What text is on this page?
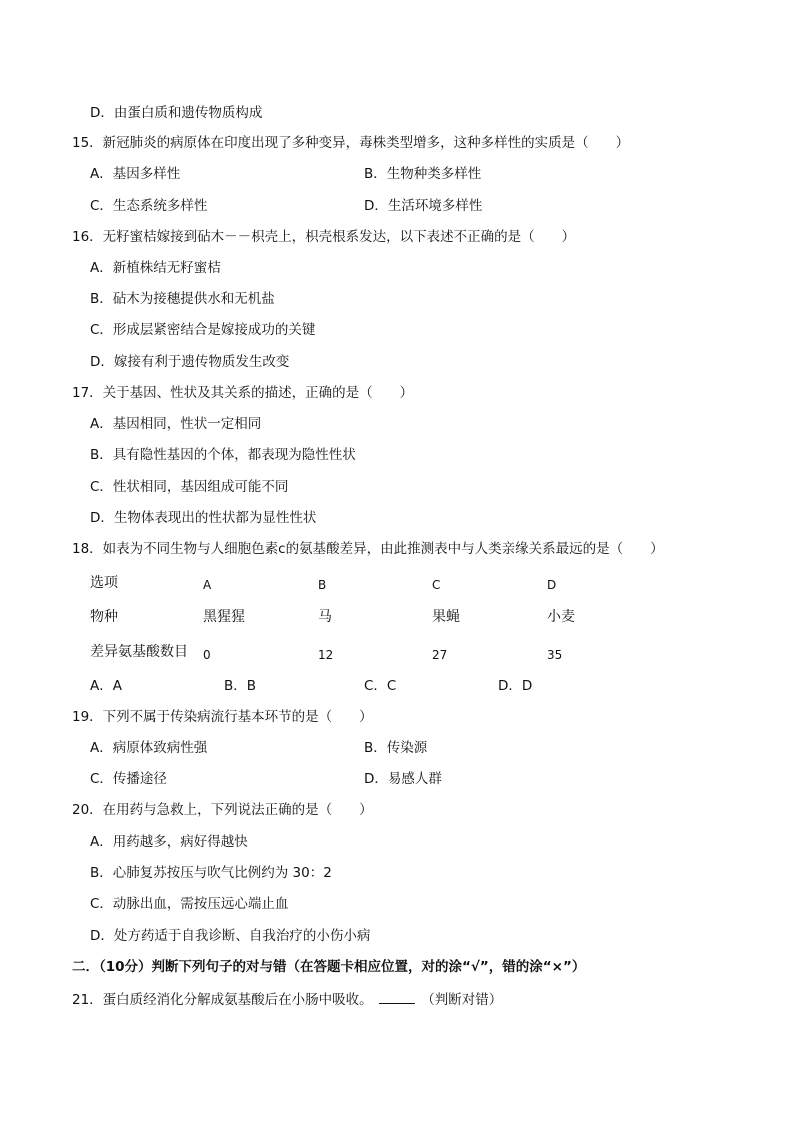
D．由蛋白质和遗传物质构成
15．新冠肺炎的病原体在印度出现了多种变异，毒株类型增多，这种多样性的实质是（　　）
A．基因多样性	B．生物种类多样性
C．生态系统多样性	D．生活环境多样性
16．无籽蜜桔嫁接到砧木－－枳壳上，枳壳根系发达，以下表述不正确的是（　　）
A．新植株结无籽蜜桔
B．砧木为接穗提供水和无机盐
C．形成层紧密结合是嫁接成功的关键
D．嫁接有利于遗传物质发生改变
17．关于基因、性状及其关系的描述，正确的是（　　）
A．基因相同，性状一定相同
B．具有隐性基因的个体，都表现为隐性性状
C．性状相同，基因组成可能不同
D．生物体表现出的性状都为显性性状
18．如表为不同生物与人细胞色素c的氨基酸差异，由此推测表中与人类亲缘关系最远的是（　　）
选项	A	B	C	D
物种	黑猩猩	马	果蝇	小麦
差异氨基酸数目 0	12	27	35
A．A	B．B	C．C	D．D
19．下列不属于传染病流行基本环节的是（　　）
A．病原体致病性强	B．传染源
C．传播途径	D．易感人群
20．在用药与急救上，下列说法正确的是（　　）
A．用药越多，病好得越快
B．心肺复苏按压与吹气比例约为 30：2
C．动脉出血，需按压远心端止血
D．处方药适于自我诊断、自我治疗的小伤小病
二．（10分）判断下列句子的对与错（在答题卡相应位置，对的涂“√”，错的涂“×”）
21．蛋白质经消化分解成氨基酸后在小肠中吸收。	（判断对错）
